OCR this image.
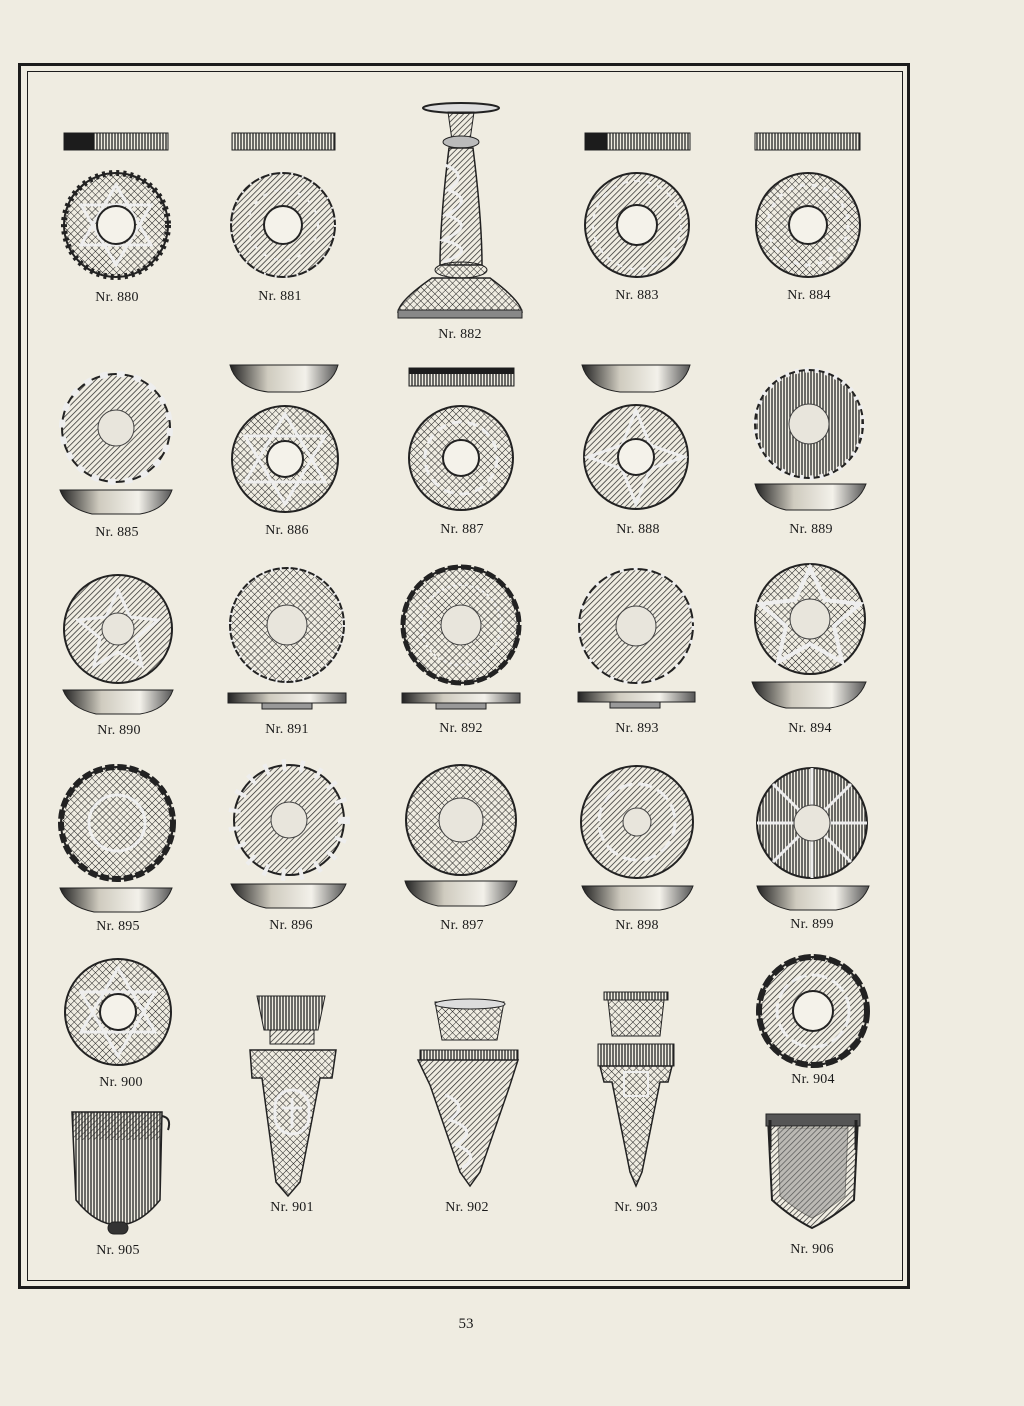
Nr. 880	Nr. 881
Nr. 882
Nr. 883	Nr. 884
Nr. 885	Nr. 886	Nr. 887	Nr. 888	Nr. 889
Nr. 890	Nr. 891	Nr. 892	Nr. 893	Nr. 894
Nr. 895	Nr. 896	Nr. 897	Nr. 898	Nr. 899
Nr. 900
Nr. 901	Nr. 902	Nr. 903
Nr. 904
Nr. 905	Nr. 906
53
